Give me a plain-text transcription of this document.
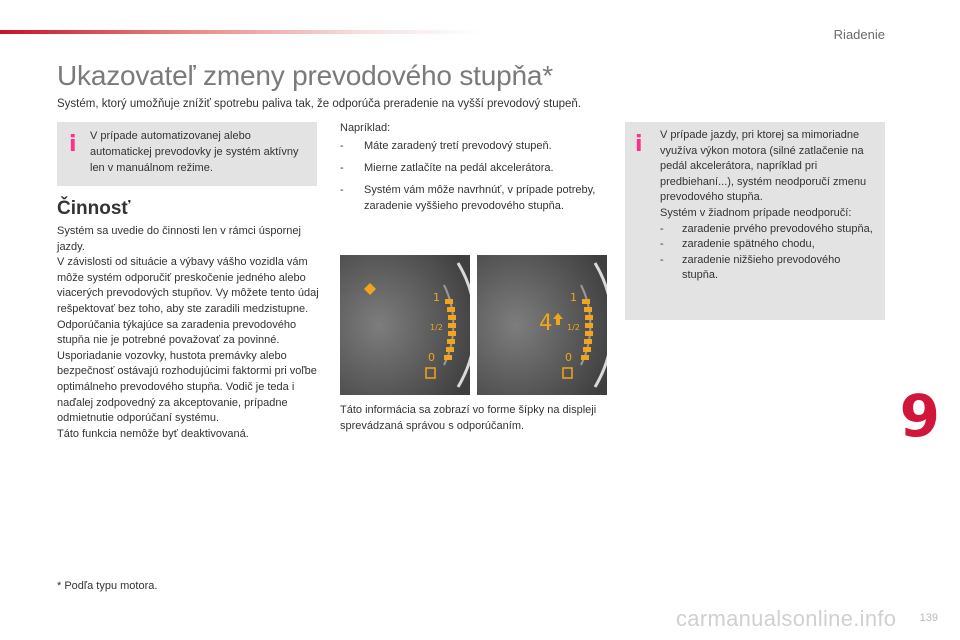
Riadenie
Ukazovateľ zmeny prevodového stupňa*
Systém, ktorý umožňuje znížiť spotrebu paliva tak, že odporúča preradenie na vyšší prevodový stupeň.
i V prípade automatizovanej alebo automatickej prevodovky je systém aktívny len v manuálnom režime.
Činnosť
Systém sa uvedie do činnosti len v rámci úspornej jazdy.
V závislosti od situácie a výbavy vášho vozidla vám môže systém odporučiť preskočenie jedného alebo viacerých prevodových stupňov. Vy môžete tento údaj rešpektovať bez toho, aby ste zaradili medzistupne.
Odporúčania týkajúce sa zaradenia prevodového stupňa nie je potrebné považovať za povinné. Usporiadanie vozovky, hustota premávky alebo bezpečnosť ostávajú rozhodujúcimi faktormi pri voľbe optimálneho prevodového stupňa. Vodič je teda i naďalej zodpovedný za akceptovanie, prípadne odmietnutie odporúčaní systému.
Táto funkcia nemôže byť deaktivovaná.
* Podľa typu motora.
Napríklad:
- Máte zaradený tretí prevodový stupeň.
- Mierne zatlačíte na pedál akcelerátora.
- Systém vám môže navrhnúť, v prípade potreby, zaradenie vyššieho prevodového stupňa.
1
1/2
0
4
1
1/2
0
Táto informácia sa zobrazí vo forme šípky na displeji sprevádzaná správou s odporúčaním.
i V prípade jazdy, pri ktorej sa mimoriadne využíva výkon motora (silné zatlačenie na pedál akcelerátora, napríklad pri predbiehaní...), systém neodporučí zmenu prevodového stupňa.
Systém v žiadnom prípade neodporučí:
- zaradenie prvého prevodového stupňa,
- zaradenie spätného chodu,
- zaradenie nižšieho prevodového stupňa.
9
139
carmanualsonline.info
